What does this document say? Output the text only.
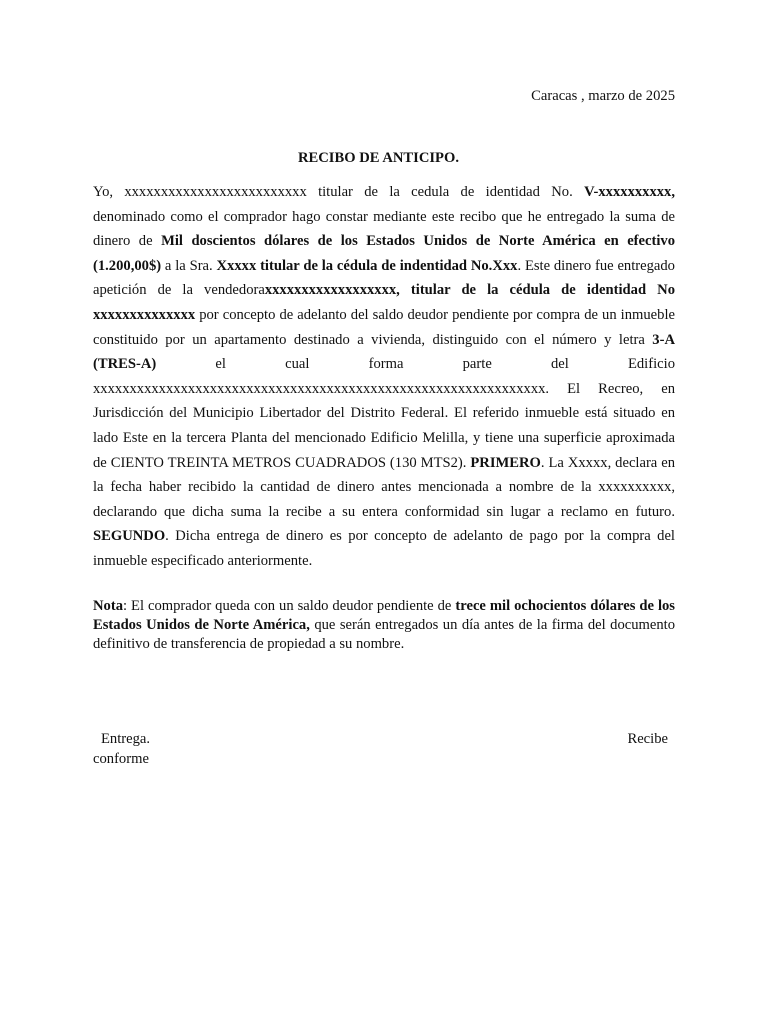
Caracas , marzo de 2025
RECIBO DE ANTICIPO.

Yo, xxxxxxxxxxxxxxxxxxxxxxxxx titular de la cedula de identidad No. V-xxxxxxxxxx, denominado como el comprador hago constar mediante este recibo que he entregado la suma de dinero de Mil doscientos dólares de los Estados Unidos de Norte América en efectivo (1.200,00$) a la Sra. Xxxxx titular de la cédula de indentidad No.Xxx. Este dinero fue entregado apetición de la vendedoraxxxxxxxxxxxxxxxxxx, titular de la cédula de identidad No xxxxxxxxxxxxxx por concepto de adelanto del saldo deudor pendiente por compra de un inmueble constituido por un apartamento destinado a vivienda, distinguido con el número y letra 3-A (TRES-A) el cual forma parte del Edificio xxxxxxxxxxxxxxxxxxxxxxxxxxxxxxxxxxxxxxxxxxxxxxxxxxxxxxxxxxxxxx. El Recreo, en Jurisdicción del Municipio Libertador del Distrito Federal. El referido inmueble está situado en lado Este en la tercera Planta del mencionado Edificio Melilla, y tiene una superficie aproximada de CIENTO TREINTA METROS CUADRADOS (130 MTS2). PRIMERO. La Xxxxx, declara en la fecha haber recibido la cantidad de dinero antes mencionada a nombre de la xxxxxxxxxx, declarando que dicha suma la recibe a su entera conformidad sin lugar a reclamo en futuro. SEGUNDO. Dicha entrega de dinero es por concepto de adelanto de pago por la compra del inmueble especificado anteriormente.

Nota: El comprador queda con un saldo deudor pendiente de trece mil ochocientos dólares de los Estados Unidos de Norte América, que serán entregados un día antes de la firma del documento definitivo de transferencia de propiedad a su nombre.

Entrega.
conforme
Recibe
